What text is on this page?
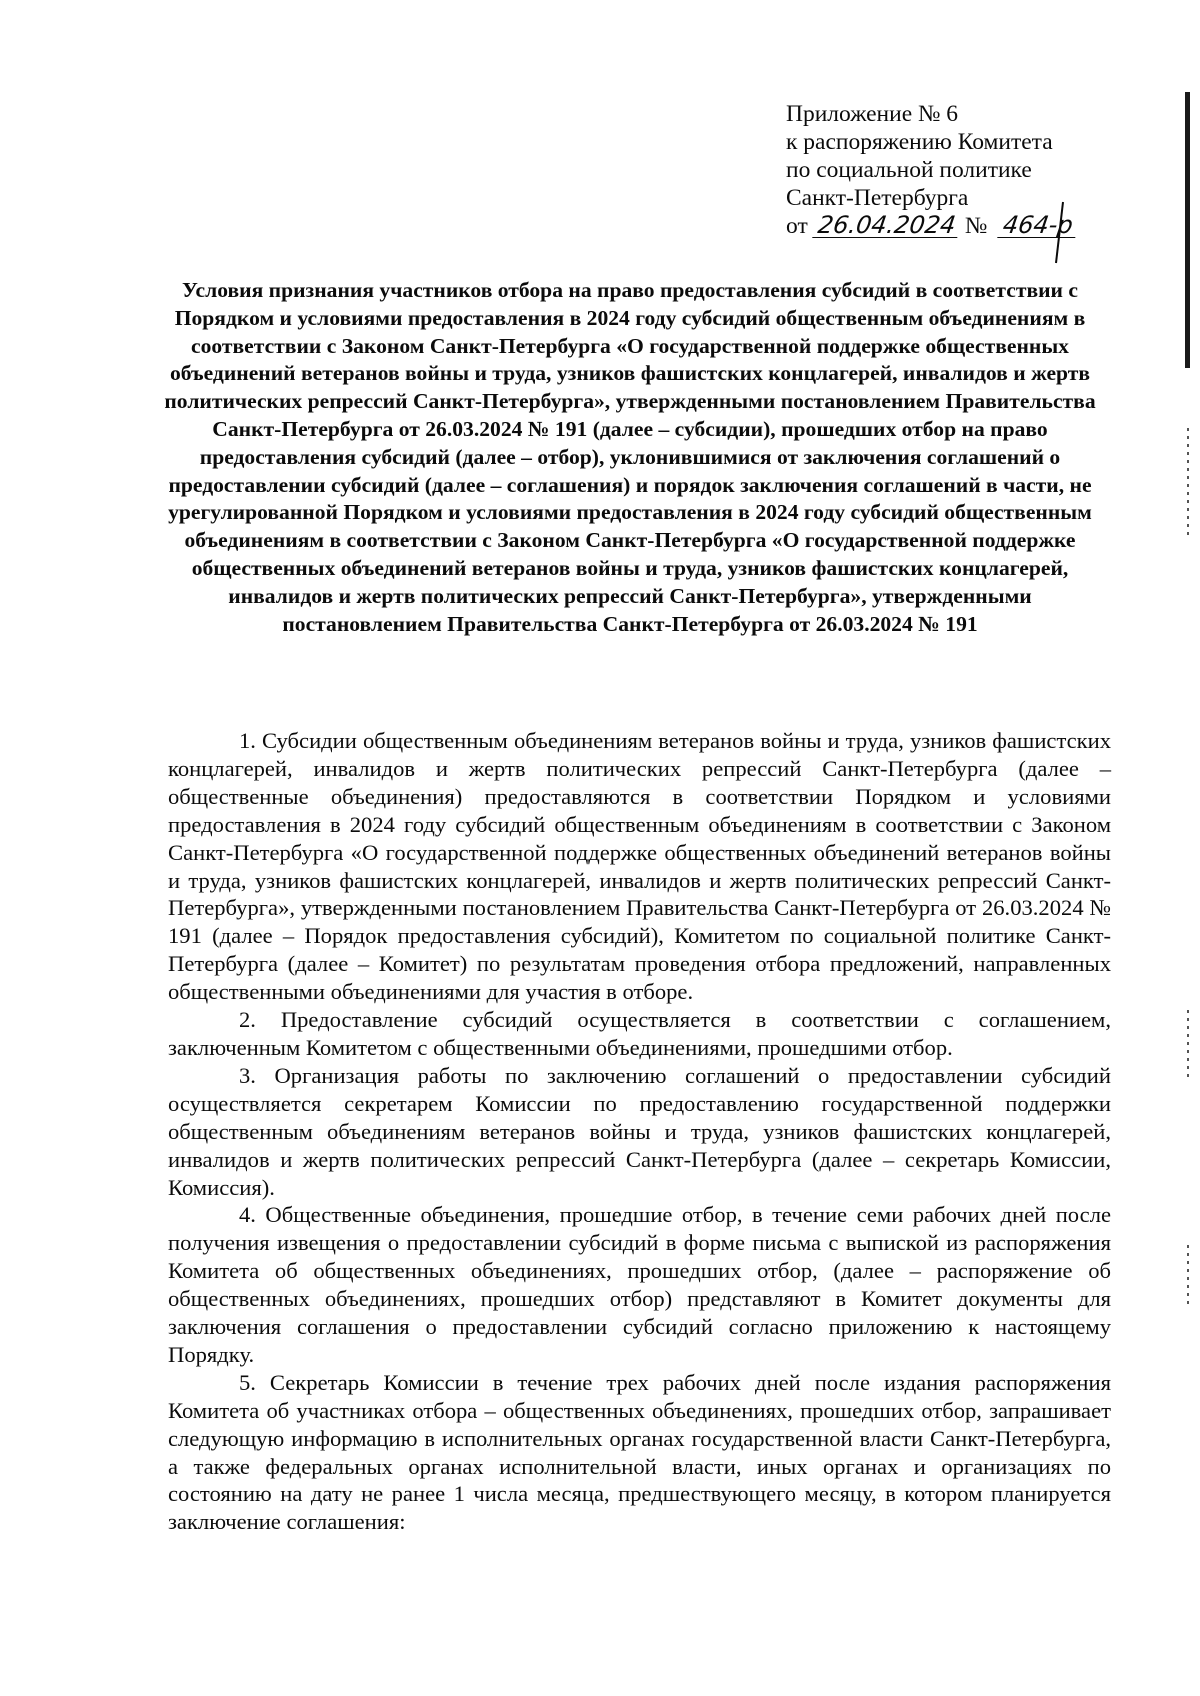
Приложение № 6
к распоряжению Комитета
по социальной политике
Санкт-Петербурга
от 26.04.2024 № 464-р
Условия признания участников отбора на право предоставления субсидий в соответствии с Порядком и условиями предоставления в 2024 году субсидий общественным объединениям в соответствии с Законом Санкт-Петербурга «О государственной поддержке общественных объединений ветеранов войны и труда, узников фашистских концлагерей, инвалидов и жертв политических репрессий Санкт-Петербурга», утвержденными постановлением Правительства Санкт-Петербурга от 26.03.2024 № 191 (далее – субсидии), прошедших отбор на право предоставления субсидий (далее – отбор), уклонившимися от заключения соглашений о предоставлении субсидий (далее – соглашения) и порядок заключения соглашений в части, не урегулированной Порядком и условиями предоставления в 2024 году субсидий общественным объединениям в соответствии с Законом Санкт-Петербурга «О государственной поддержке общественных объединений ветеранов войны и труда, узников фашистских концлагерей, инвалидов и жертв политических репрессий Санкт-Петербурга», утвержденными постановлением Правительства Санкт-Петербурга от 26.03.2024 № 191

1. Субсидии общественным объединениям ветеранов войны и труда, узников фашистских концлагерей, инвалидов и жертв политических репрессий Санкт-Петербурга (далее – общественные объединения) предоставляются в соответствии Порядком и условиями предоставления в 2024 году субсидий общественным объединениям в соответствии с Законом Санкт-Петербурга «О государственной поддержке общественных объединений ветеранов войны и труда, узников фашистских концлагерей, инвалидов и жертв политических репрессий Санкт-Петербурга», утвержденными постановлением Правительства Санкт-Петербурга от 26.03.2024 № 191 (далее – Порядок предоставления субсидий), Комитетом по социальной политике Санкт-Петербурга (далее – Комитет) по результатам проведения отбора предложений, направленных общественными объединениями для участия в отборе.

2. Предоставление субсидий осуществляется в соответствии с соглашением, заключенным Комитетом с общественными объединениями, прошедшими отбор.

3. Организация работы по заключению соглашений о предоставлении субсидий осуществляется секретарем Комиссии по предоставлению государственной поддержки общественным объединениям ветеранов войны и труда, узников фашистских концлагерей, инвалидов и жертв политических репрессий Санкт-Петербурга (далее – секретарь Комиссии, Комиссия).

4. Общественные объединения, прошедшие отбор, в течение семи рабочих дней после получения извещения о предоставлении субсидий в форме письма с выпиской из распоряжения Комитета об общественных объединениях, прошедших отбор, (далее – распоряжение об общественных объединениях, прошедших отбор) представляют в Комитет документы для заключения соглашения о предоставлении субсидий согласно приложению к настоящему Порядку.

5. Секретарь Комиссии в течение трех рабочих дней после издания распоряжения Комитета об участниках отбора – общественных объединениях, прошедших отбор, запрашивает следующую информацию в исполнительных органах государственной власти Санкт-Петербурга, а также федеральных органах исполнительной власти, иных органах и организациях по состоянию на дату не ранее 1 числа месяца, предшествующего месяцу, в котором планируется заключение соглашения:
